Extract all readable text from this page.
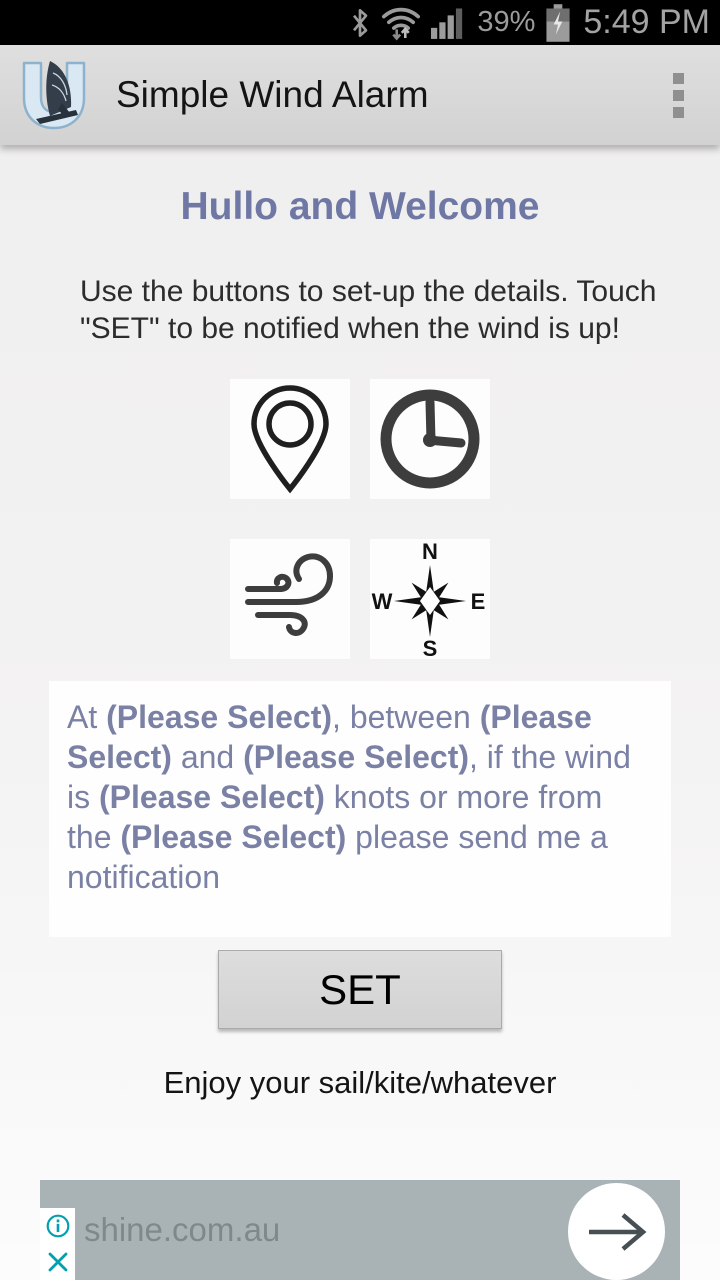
39% 5:49 PM
Simple Wind Alarm
Hullo and Welcome
Use the buttons to set-up the details. Touch "SET" to be notified when the wind is up!
N
S
W	E
At (Please Select), between (Please Select) and (Please Select), if the wind is (Please Select) knots or more from the (Please Select) please send me a notification
SET
Enjoy your sail/kite/whatever
shine.com.au
